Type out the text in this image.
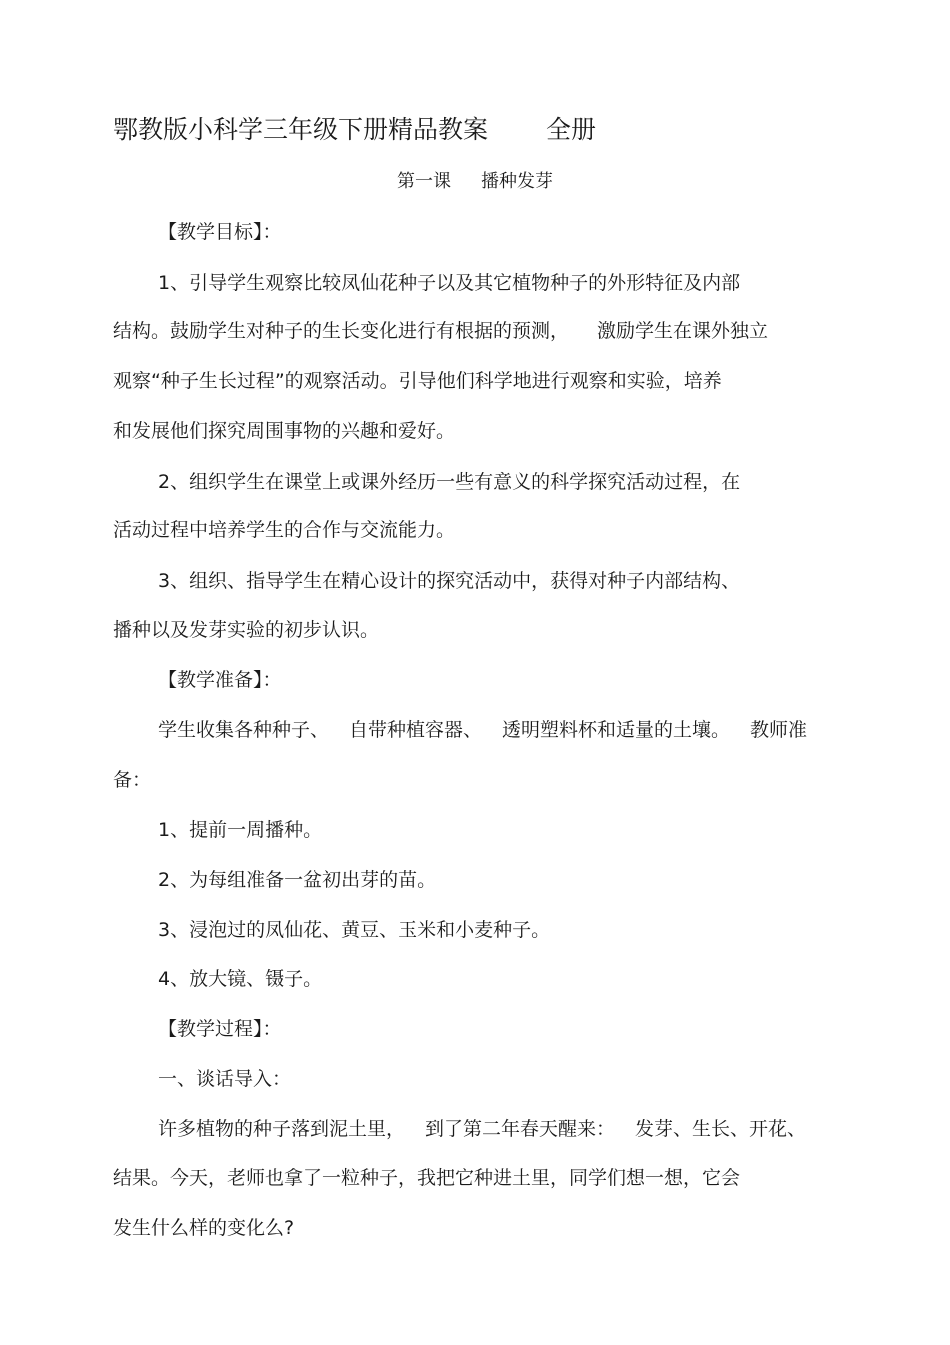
鄂教版小科学三年级下册精品教案 全册
第一课 播种发芽

【教学目标】：

1、引导学生观察比较凤仙花种子以及其它植物种子的外形特征及内部

结构。鼓励学生对种子的生长变化进行有根据的预测， 激励学生在课外独立

观察“种子生长过程”的观察活动。引导他们科学地进行观察和实验，培养

和发展他们探究周围事物的兴趣和爱好。

2、组织学生在课堂上或课外经历一些有意义的科学探究活动过程，在

活动过程中培养学生的合作与交流能力。

3、组织、指导学生在精心设计的探究活动中，获得对种子内部结构、

播种以及发芽实验的初步认识。

【教学准备】：

学生收集各种种子、 自带种植容器、 透明塑料杯和适量的土壤。 教师准

备：

1、提前一周播种。

2、为每组准备一盆初出芽的苗。

3、浸泡过的凤仙花、黄豆、玉米和小麦种子。

4、放大镜、镊子。

【教学过程】：

一、谈话导入：

许多植物的种子落到泥土里， 到了第二年春天醒来： 发芽、生长、开花、

结果。今天，老师也拿了一粒种子，我把它种进土里，同学们想一想，它会

发生什么样的变化么?
